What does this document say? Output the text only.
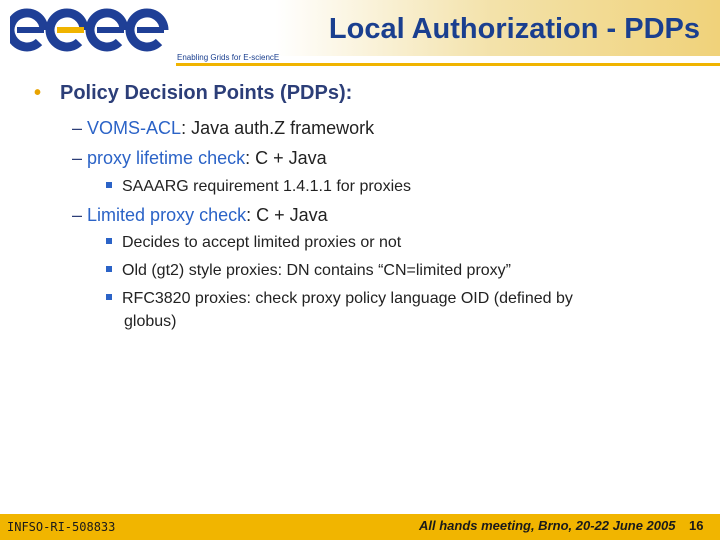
Local Authorization - PDPs
Enabling Grids for E-sciencE
• Policy Decision Points (PDPs):
– VOMS-ACL: Java auth.Z framework
– proxy lifetime check: C + Java
SAAARG requirement 1.4.1.1 for proxies
– Limited proxy check: C + Java
Decides to accept limited proxies or not
Old (gt2) style proxies: DN contains “CN=limited proxy”
RFC3820 proxies: check proxy policy language OID (defined by
globus)
INFSO-RI-508833	All hands meeting, Brno, 20-22 June 2005 16
